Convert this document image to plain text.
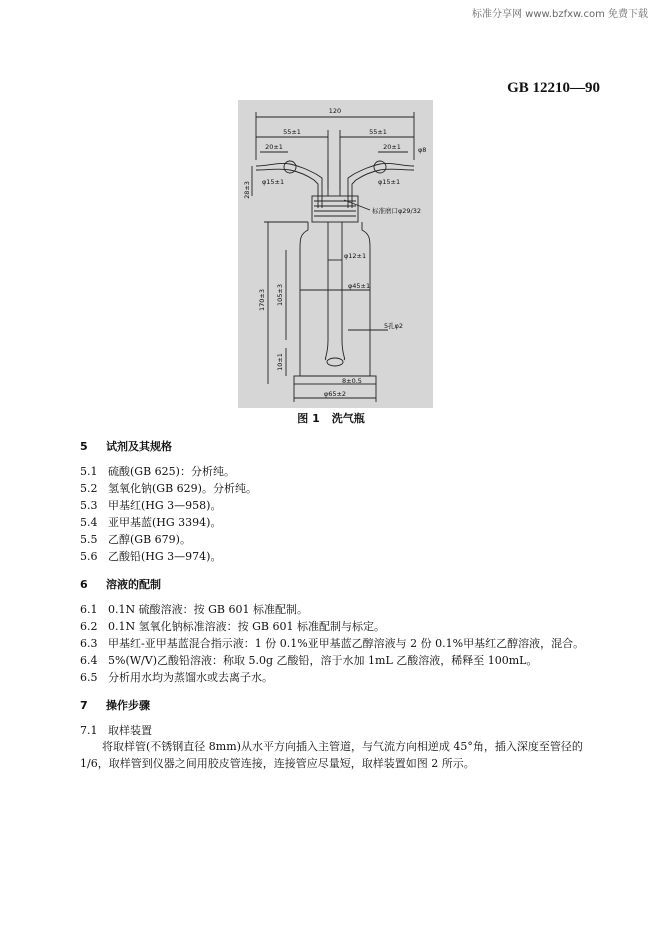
标准分享网 www.bzfxw.com 免费下载
GB 12210—90
120
55±1	55±1
20±1	20±1	φ8
φ15±1	φ15±1
标准磨口φ29/32
φ12±1
φ45±1
5孔φ2
8±0.5
φ65±2
28±3
170±3 105±3
10±1
图 1 洗气瓶
5 试剂及其规格
5.1 硫酸(GB 625)：分析纯。
5.2 氢氧化钠(GB 629)。分析纯。
5.3 甲基红(HG 3—958)。
5.4 亚甲基蓝(HG 3394)。
5.5 乙醇(GB 679)。
5.6 乙酸铅(HG 3—974)。
6 溶液的配制
6.1 0.1N 硫酸溶液：按 GB 601 标准配制。
6.2 0.1N 氢氧化钠标准溶液：按 GB 601 标准配制与标定。
6.3 甲基红-亚甲基蓝混合指示液：1 份 0.1%亚甲基蓝乙醇溶液与 2 份 0.1%甲基红乙醇溶液，混合。
6.4 5%(W/V)乙酸铅溶液：称取 5.0g 乙酸铅，溶于水加 1mL 乙酸溶液，稀释至 100mL。
6.5 分析用水均为蒸馏水或去离子水。
7 操作步骤
7.1 取样装置
将取样管(不锈钢直径 8mm)从水平方向插入主管道，与气流方向相逆成 45°角，插入深度至管径的1/6，取样管到仪器之间用胶皮管连接，连接管应尽量短，取样装置如图 2 所示。
